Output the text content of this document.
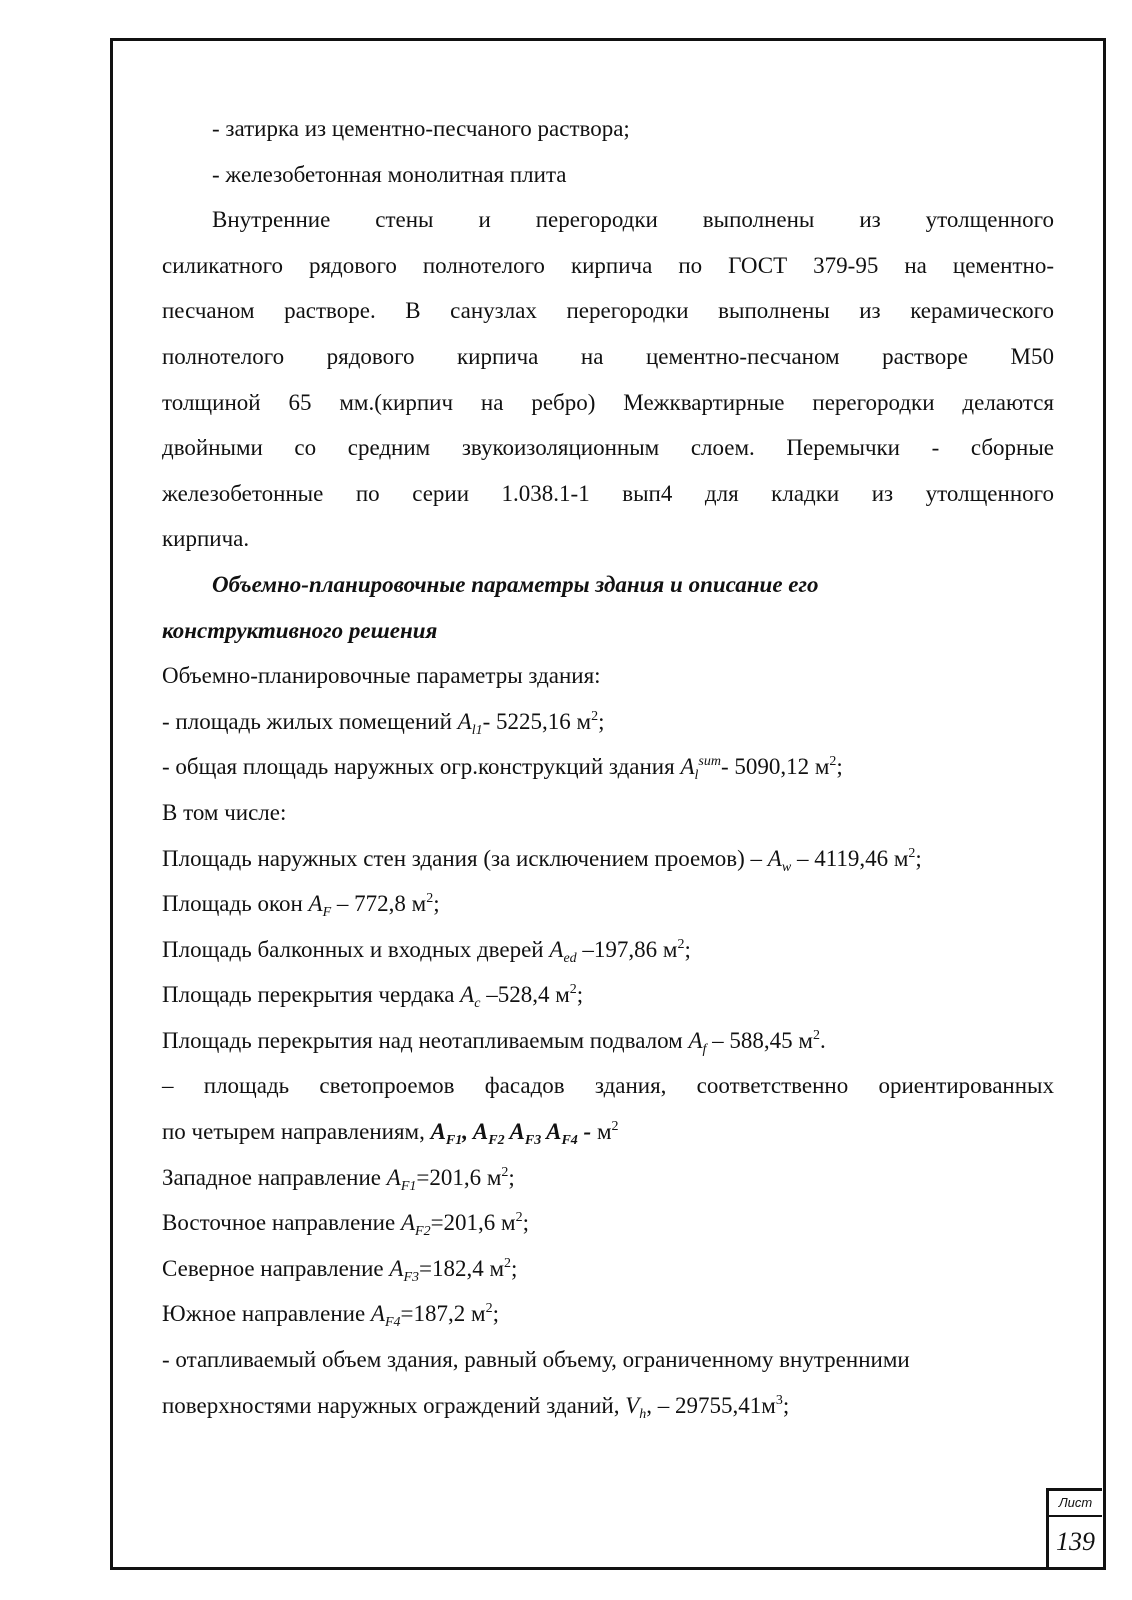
- затирка из цементно-песчаного раствора;
- железобетонная монолитная плита
Внутренние стены и перегородки выполнены из утолщенного
силикатного рядового полнотелого кирпича по ГОСТ 379-95 на цементно-
песчаном растворе. В санузлах перегородки выполнены из керамического
полнотелого рядового кирпича на цементно-песчаном растворе М50
толщиной 65 мм.(кирпич на ребро) Межквартирные перегородки делаются
двойными со средним звукоизоляционным слоем. Перемычки - сборные
железобетонные по серии 1.038.1-1 вып4 для кладки из утолщенного
кирпича.
Объемно-планировочные параметры здания и описание его
конструктивного решения
Объемно-планировочные параметры здания:
- площадь жилых помещений $A_{l1}-$ 5225,16 $м^2$;
- общая площадь наружных огр.конструкций здания $A_l^{sum}-$ 5090,12 $м^2$;
В том числе:
Площадь наружных стен здания (за исключением проемов) – $A_w - 4119,46$ $м^2$;
Площадь окон $A_F - 772,8$ $м^2$;
Площадь балконных и входных дверей $A_{ed}$ –197,86 $м^2$;
Площадь перекрытия чердака $A_c$ –528,4 $м^2$;
Площадь перекрытия над неотапливаемым подвалом $A_f - 588,45$ $м^2$.
– площадь светопроемов фасадов здания, соответственно ориентированных
по четырем направлениям, $A_{F1}$, $A_{F2}$ $A_{F3}$ $A_{F4} - м^2$
Западное направление $A_{F1}=201,6$ $м^2$;
Восточное направление $A_{F2}=201,6$ $м^2$;
Северное направление $A_{F3}=182,4$ $м^2$;
Южное направление $A_{F4}=187,2$ $м^2$;
- отапливаемый объем здания, равный объему, ограниченному внутренними
поверхностями наружных ограждений зданий, $V_h$, – $29755,41м^3$;
Лист
139
